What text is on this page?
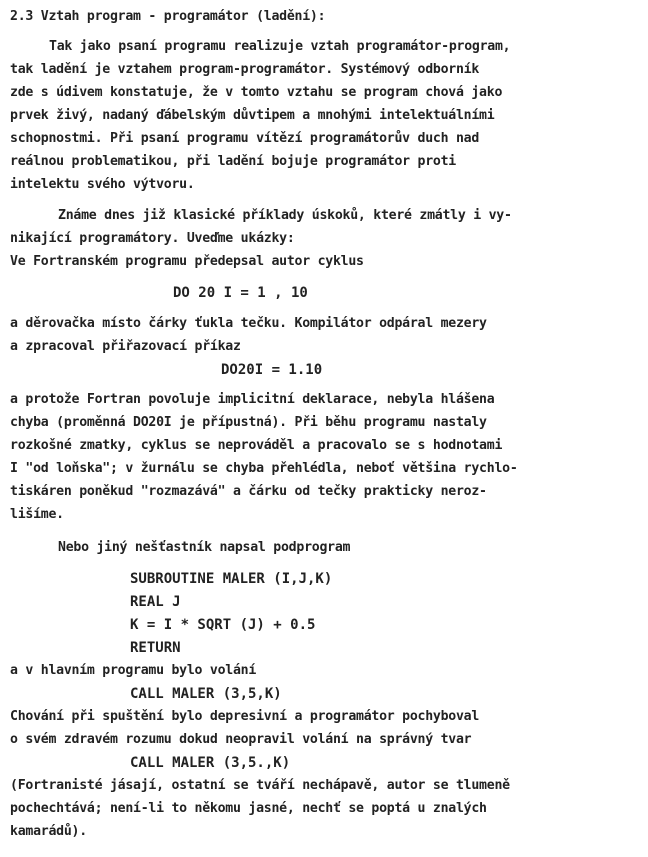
2.3 Vztah program - programátor (ladění):
Tak jako psaní programu realizuje vztah programátor-program,
tak ladění je vztahem program-programátor. Systémový odborník
zde s údivem konstatuje, že v tomto vztahu se program chová jako
prvek živý, nadaný ďábelským důvtipem a mnohými intelektuálními
schopnostmi. Při psaní programu vítězí programátorův duch nad
reálnou problematikou, při ladění bojuje programátor proti
intelektu svého výtvoru.
Známe dnes již klasické příklady úskoků, které zmátly i vy-
nikající programátory. Uveďme ukázky:
Ve Fortranském programu předepsal autor cyklus
DO 20 I = 1 , 10
a děrovačka místo čárky ťukla tečku. Kompilátor odpáral mezery
a zpracoval přiřazovací příkaz
DO20I = 1.10
a protože Fortran povoluje implicitní deklarace, nebyla hlášena
chyba (proměnná DO20I je přípustná). Při běhu programu nastaly
rozkošné zmatky, cyklus se neprováděl a pracovalo se s hodnotami
I "od loňska"; v žurnálu se chyba přehlédla, neboť většina rychlo-
tiskáren poněkud "rozmazává" a čárku od tečky prakticky neroz-
lišíme.
Nebo jiný nešťastník napsal podprogram
SUBROUTINE MALER (I,J,K)
REAL J
K = I * SQRT (J) + 0.5
RETURN
a v hlavním programu bylo volání
CALL MALER (3,5,K)
Chování při spuštění bylo depresivní a programátor pochyboval
o svém zdravém rozumu dokud neopravil volání na správný tvar
CALL MALER (3,5.,K)
(Fortranisté jásají, ostatní se tváří nechápavě, autor se tlumeně
pochechtává; není-li to někomu jasné, nechť se poptá u znalých
kamarádů).
